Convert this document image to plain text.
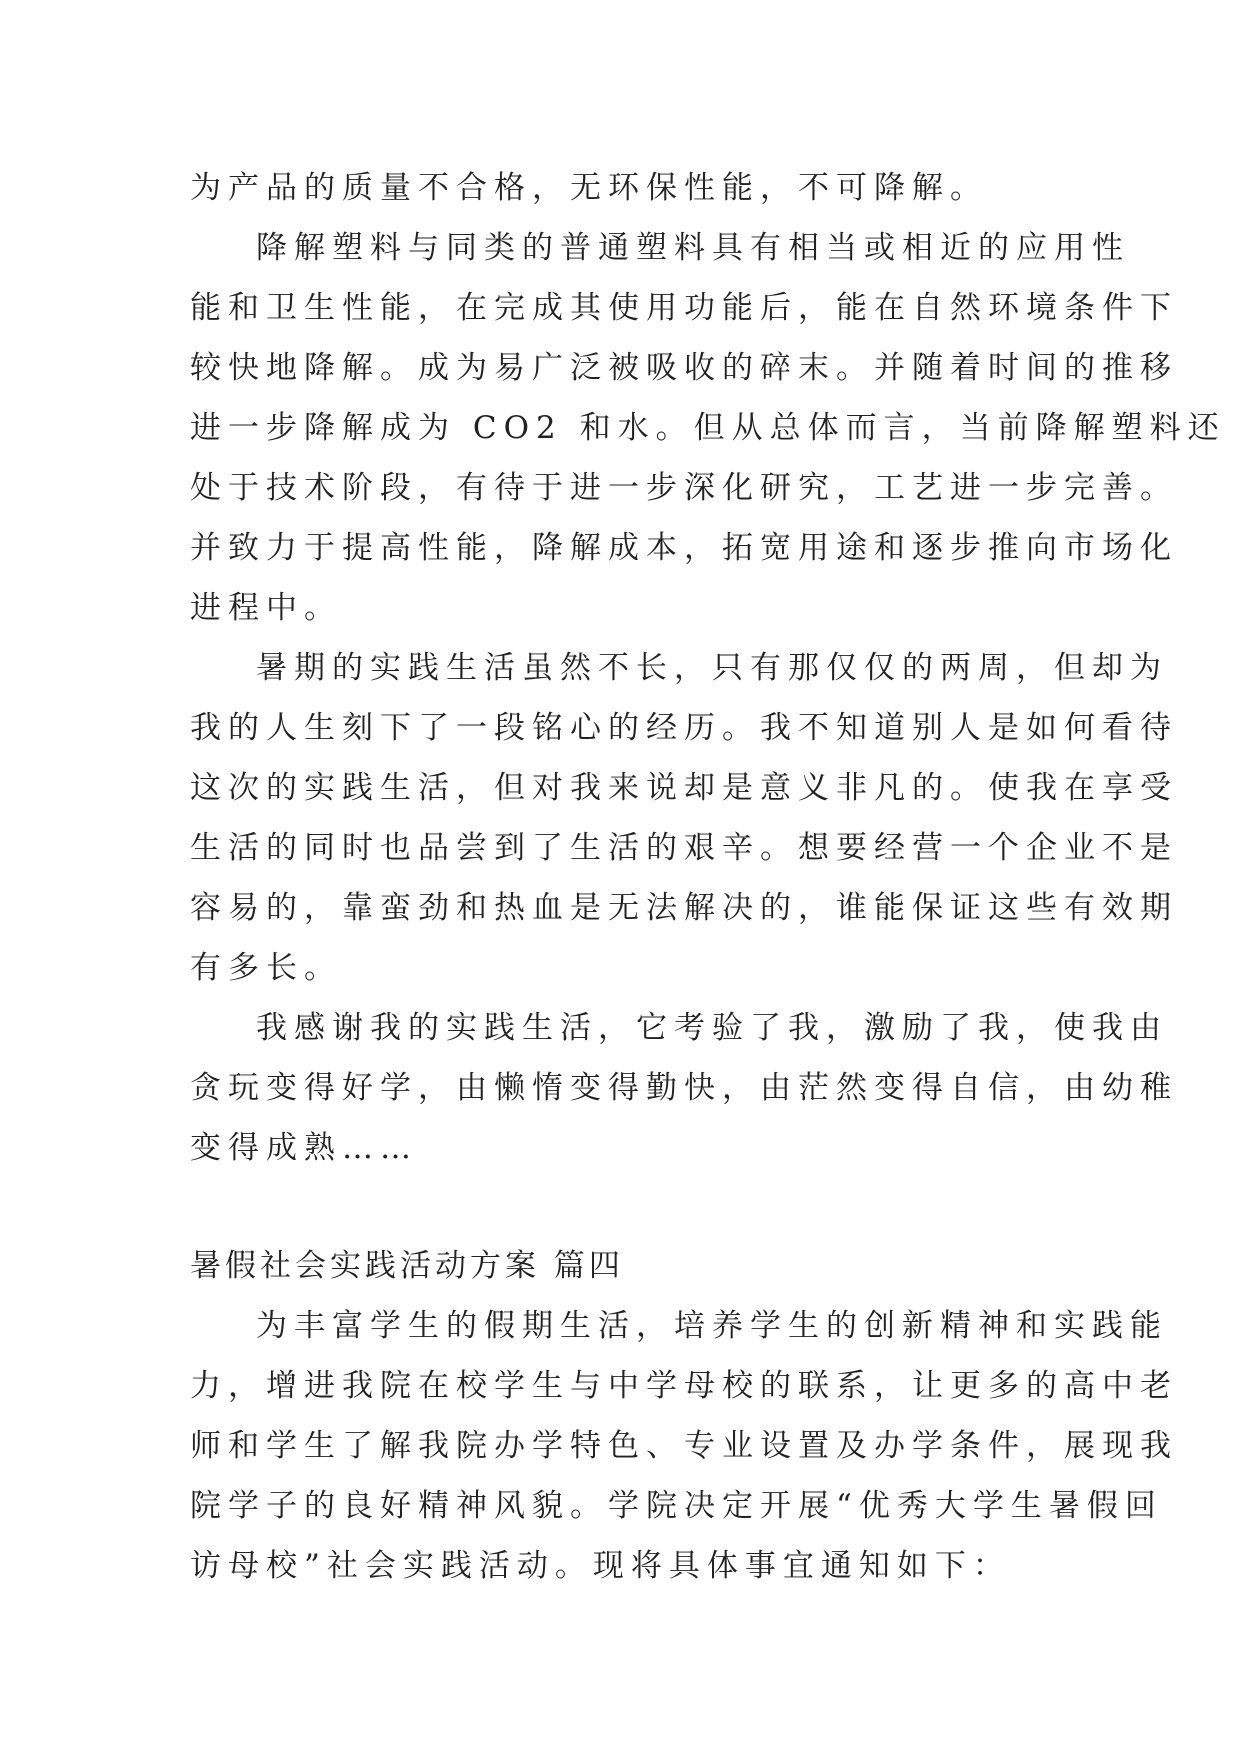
为产品的质量不合格，无环保性能，不可降解。

降解塑料与同类的普通塑料具有相当或相近的应用性

能和卫生性能，在完成其使用功能后，能在自然环境条件下

较快地降解。成为易广泛被吸收的碎末。并随着时间的推移

进一步降解成为 CO2 和水。但从总体而言，当前降解塑料还

处于技术阶段，有待于进一步深化研究，工艺进一步完善。

并致力于提高性能，降解成本，拓宽用途和逐步推向市场化

进程中。

暑期的实践生活虽然不长，只有那仅仅的两周，但却为

我的人生刻下了一段铭心的经历。我不知道别人是如何看待

这次的实践生活，但对我来说却是意义非凡的。使我在享受

生活的同时也品尝到了生活的艰辛。想要经营一个企业不是

容易的，靠蛮劲和热血是无法解决的，谁能保证这些有效期

有多长。

我感谢我的实践生活，它考验了我，激励了我，使我由

贪玩变得好学，由懒惰变得勤快，由茫然变得自信，由幼稚

变得成熟……

暑假社会实践活动方案 篇四

为丰富学生的假期生活，培养学生的创新精神和实践能

力，增进我院在校学生与中学母校的联系，让更多的高中老

师和学生了解我院办学特色、专业设置及办学条件，展现我

院学子的良好精神风貌。学院决定开展“优秀大学生暑假回

访母校”社会实践活动。现将具体事宜通知如下：
